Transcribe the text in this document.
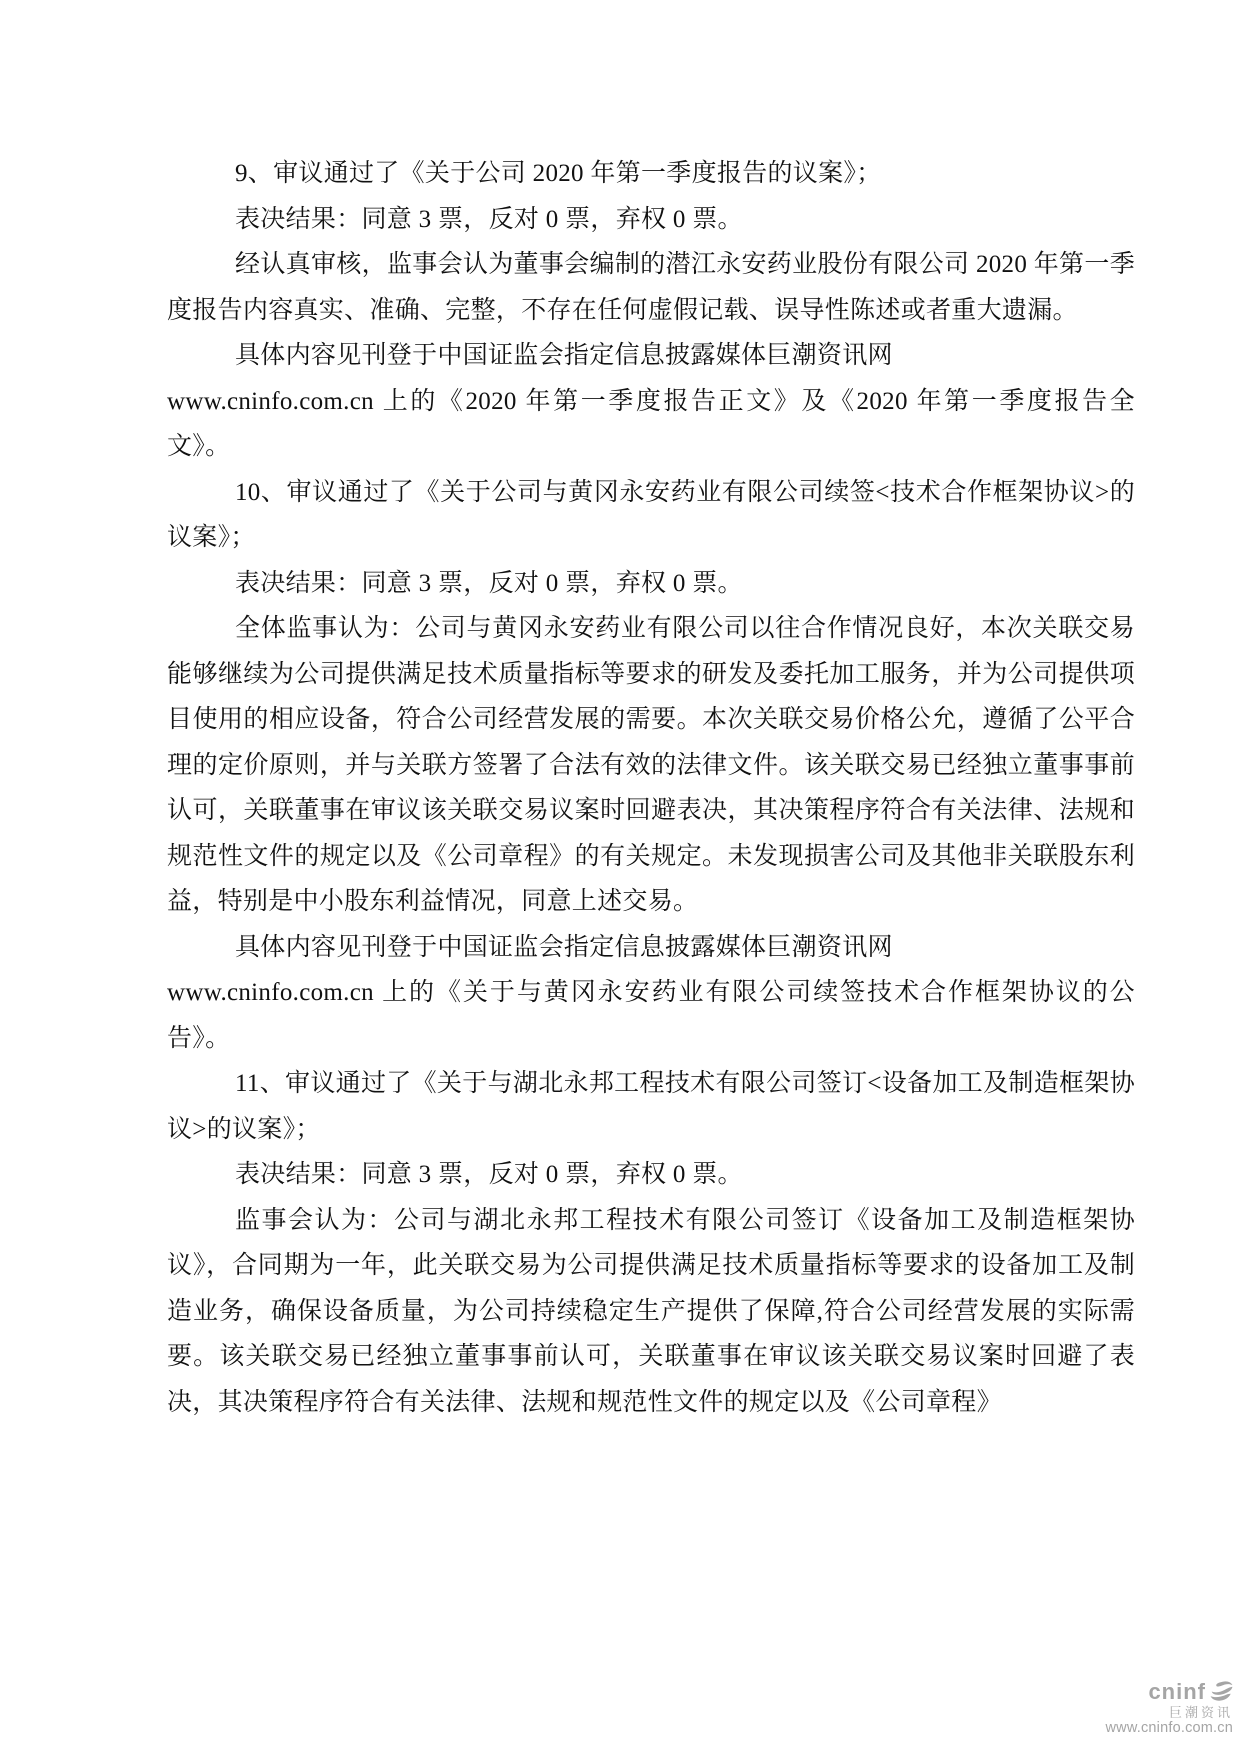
9、审议通过了《关于公司 2020 年第一季度报告的议案》；

表决结果：同意 3 票，反对 0 票，弃权 0 票。

经认真审核，监事会认为董事会编制的潜江永安药业股份有限公司 2020 年第一季度报告内容真实、准确、完整，不存在任何虚假记载、误导性陈述或者重大遗漏。

具体内容见刊登于中国证监会指定信息披露媒体巨潮资讯网

www.cninfo.com.cn 上的《2020 年第一季度报告正文》及《2020 年第一季度报告全文》。

10、审议通过了《关于公司与黄冈永安药业有限公司续签<技术合作框架协议>的议案》；

表决结果：同意 3 票，反对 0 票，弃权 0 票。

全体监事认为：公司与黄冈永安药业有限公司以往合作情况良好，本次关联交易能够继续为公司提供满足技术质量指标等要求的研发及委托加工服务，并为公司提供项目使用的相应设备，符合公司经营发展的需要。本次关联交易价格公允，遵循了公平合理的定价原则，并与关联方签署了合法有效的法律文件。该关联交易已经独立董事事前认可，关联董事在审议该关联交易议案时回避表决，其决策程序符合有关法律、法规和规范性文件的规定以及《公司章程》的有关规定。未发现损害公司及其他非关联股东利益，特别是中小股东利益情况，同意上述交易。

具体内容见刊登于中国证监会指定信息披露媒体巨潮资讯网

www.cninfo.com.cn 上的《关于与黄冈永安药业有限公司续签技术合作框架协议的公告》。

11、审议通过了《关于与湖北永邦工程技术有限公司签订<设备加工及制造框架协议>的议案》；

表决结果：同意 3 票，反对 0 票，弃权 0 票。

监事会认为：公司与湖北永邦工程技术有限公司签订《设备加工及制造框架协议》，合同期为一年，此关联交易为公司提供满足技术质量指标等要求的设备加工及制造业务，确保设备质量，为公司持续稳定生产提供了保障,符合公司经营发展的实际需要。该关联交易已经独立董事事前认可，关联董事在审议该关联交易议案时回避了表决，其决策程序符合有关法律、法规和规范性文件的规定以及《公司章程》

cninf
巨潮资讯
www.cninfo.com.cn
